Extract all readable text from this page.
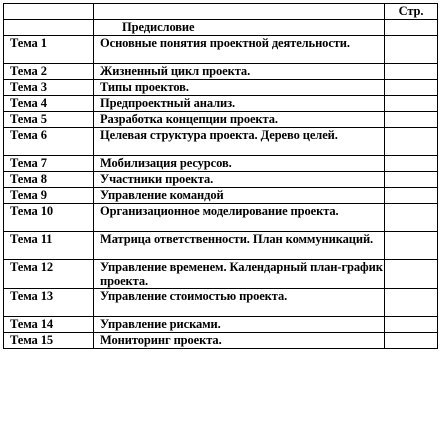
		Стр.
	Предисловие	
Тема 1	Основные понятия проектной деятельности.	
Тема 2	Жизненный цикл проекта.	
Тема 3	Типы проектов.	
Тема 4	Предпроектный анализ.	
Тема 5	Разработка концепции проекта.	
Тема 6	Целевая структура проекта. Дерево целей.	
Тема 7	Мобилизация ресурсов.	
Тема 8	Участники проекта.	
Тема 9	Управление командой	
Тема 10	Организационное моделирование проекта.	
Тема 11	Матрица ответственности. План коммуникаций.	
Тема 12	Управление временем. Календарный план-график проекта.	
Тема 13	Управление стоимостью проекта.	
Тема 14	Управление рисками.	
Тема 15	Мониторинг проекта.	
